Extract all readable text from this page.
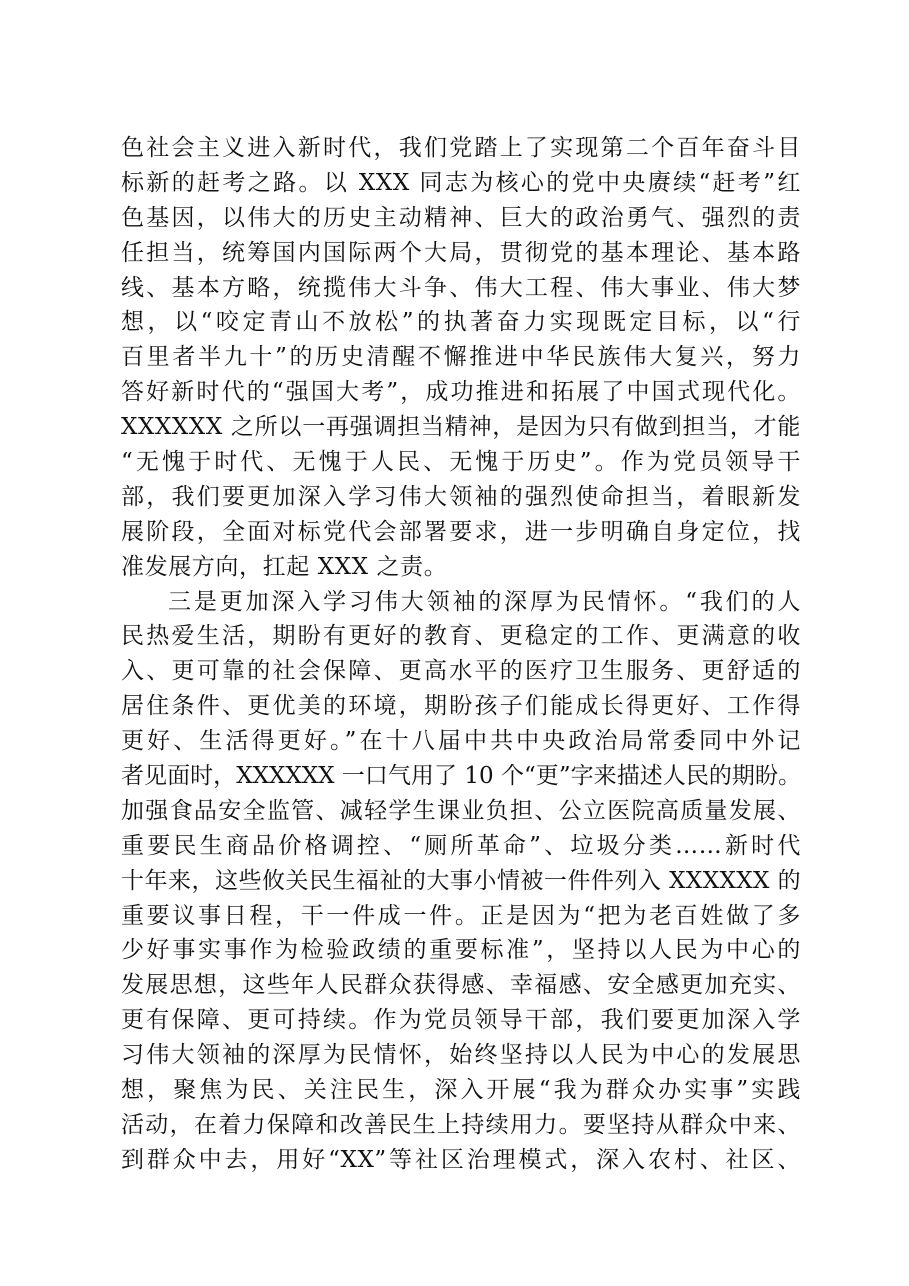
色社会主义进入新时代，我们党踏上了实现第二个百年奋斗目
标新的赶考之路。以 XXX 同志为核心的党中央赓续“赶考”红
色基因，以伟大的历史主动精神、巨大的政治勇气、强烈的责
任担当，统筹国内国际两个大局，贯彻党的基本理论、基本路
线、基本方略，统揽伟大斗争、伟大工程、伟大事业、伟大梦
想，以“咬定青山不放松”的执著奋力实现既定目标，以“行
百里者半九十”的历史清醒不懈推进中华民族伟大复兴，努力
答好新时代的“强国大考”，成功推进和拓展了中国式现代化。
XXXXXX 之所以一再强调担当精神，是因为只有做到担当，才能
“无愧于时代、无愧于人民、无愧于历史”。作为党员领导干
部，我们要更加深入学习伟大领袖的强烈使命担当，着眼新发
展阶段，全面对标党代会部署要求，进一步明确自身定位，找
准发展方向，扛起 XXX 之责。
三是更加深入学习伟大领袖的深厚为民情怀。“我们的人
民热爱生活，期盼有更好的教育、更稳定的工作、更满意的收
入、更可靠的社会保障、更高水平的医疗卫生服务、更舒适的
居住条件、更优美的环境，期盼孩子们能成长得更好、工作得
更好、生活得更好。”在十八届中共中央政治局常委同中外记
者见面时，XXXXXX 一口气用了 10 个“更”字来描述人民的期盼。
加强食品安全监管、减轻学生课业负担、公立医院高质量发展、
重要民生商品价格调控、“厕所革命”、垃圾分类……新时代
十年来，这些攸关民生福祉的大事小情被一件件列入 XXXXXX 的
重要议事日程，干一件成一件。正是因为“把为老百姓做了多
少好事实事作为检验政绩的重要标准”，坚持以人民为中心的
发展思想，这些年人民群众获得感、幸福感、安全感更加充实、
更有保障、更可持续。作为党员领导干部，我们要更加深入学
习伟大领袖的深厚为民情怀，始终坚持以人民为中心的发展思
想，聚焦为民、关注民生，深入开展“我为群众办实事”实践
活动，在着力保障和改善民生上持续用力。要坚持从群众中来、
到群众中去，用好“XX”等社区治理模式，深入农村、社区、
